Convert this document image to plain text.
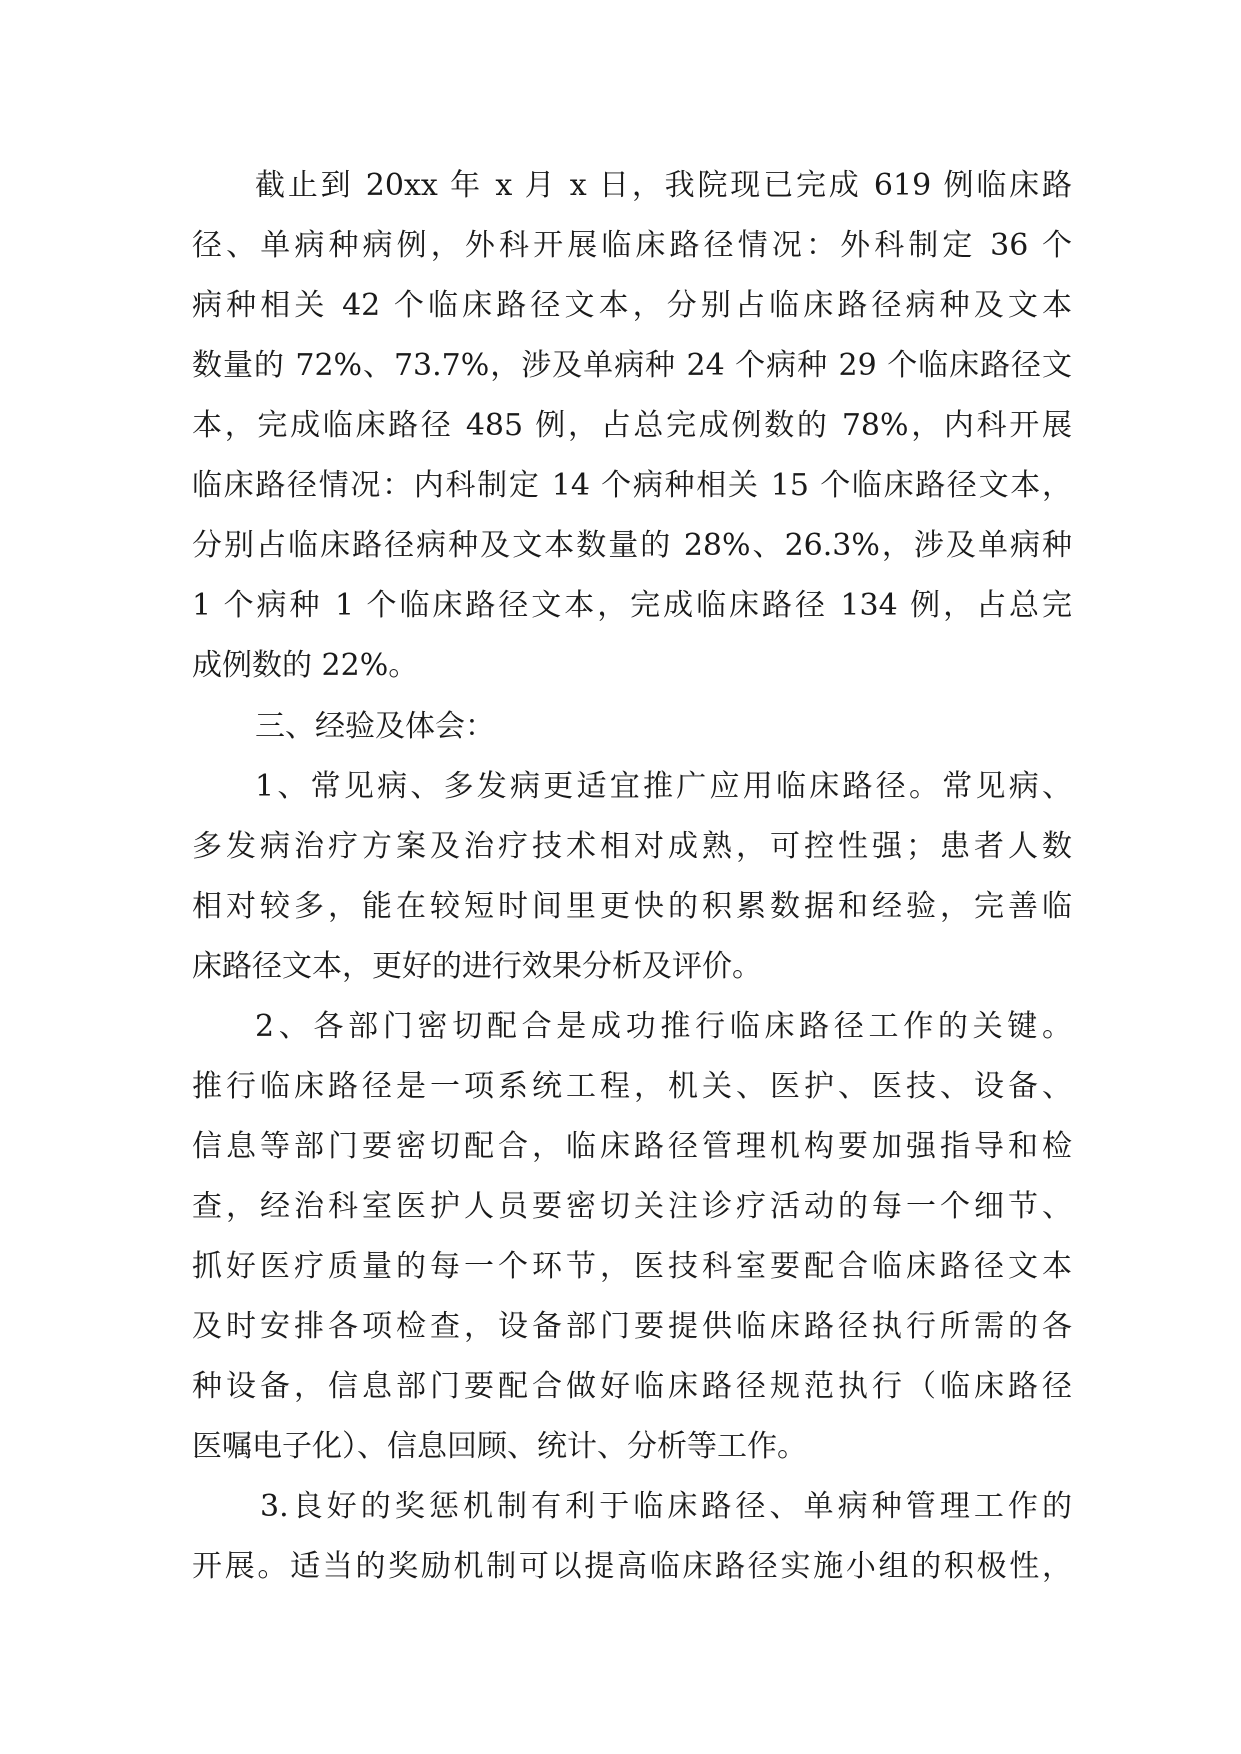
截止到 20xx 年 x 月 x 日，我院现已完成 619 例临床路
径、单病种病例，外科开展临床路径情况：外科制定 36 个
病种相关 42 个临床路径文本，分别占临床路径病种及文本
数量的 72%、73.7%，涉及单病种 24 个病种 29 个临床路径文
本，完成临床路径 485 例，占总完成例数的 78%，内科开展
临床路径情况：内科制定 14 个病种相关 15 个临床路径文本，
分别占临床路径病种及文本数量的 28%、26.3%，涉及单病种
1 个病种 1 个临床路径文本，完成临床路径 134 例，占总完
成例数的 22%。
三、经验及体会：
1、常见病、多发病更适宜推广应用临床路径。常见病、
多发病治疗方案及治疗技术相对成熟，可控性强；患者人数
相对较多，能在较短时间里更快的积累数据和经验，完善临
床路径文本，更好的进行效果分析及评价。
2、各部门密切配合是成功推行临床路径工作的关键。
推行临床路径是一项系统工程，机关、医护、医技、设备、
信息等部门要密切配合，临床路径管理机构要加强指导和检
查，经治科室医护人员要密切关注诊疗活动的每一个细节、
抓好医疗质量的每一个环节，医技科室要配合临床路径文本
及时安排各项检查，设备部门要提供临床路径执行所需的各
种设备，信息部门要配合做好临床路径规范执行（临床路径
医嘱电子化）、信息回顾、统计、分析等工作。
3.良好的奖惩机制有利于临床路径、单病种管理工作的
开展。适当的奖励机制可以提高临床路径实施小组的积极性，
